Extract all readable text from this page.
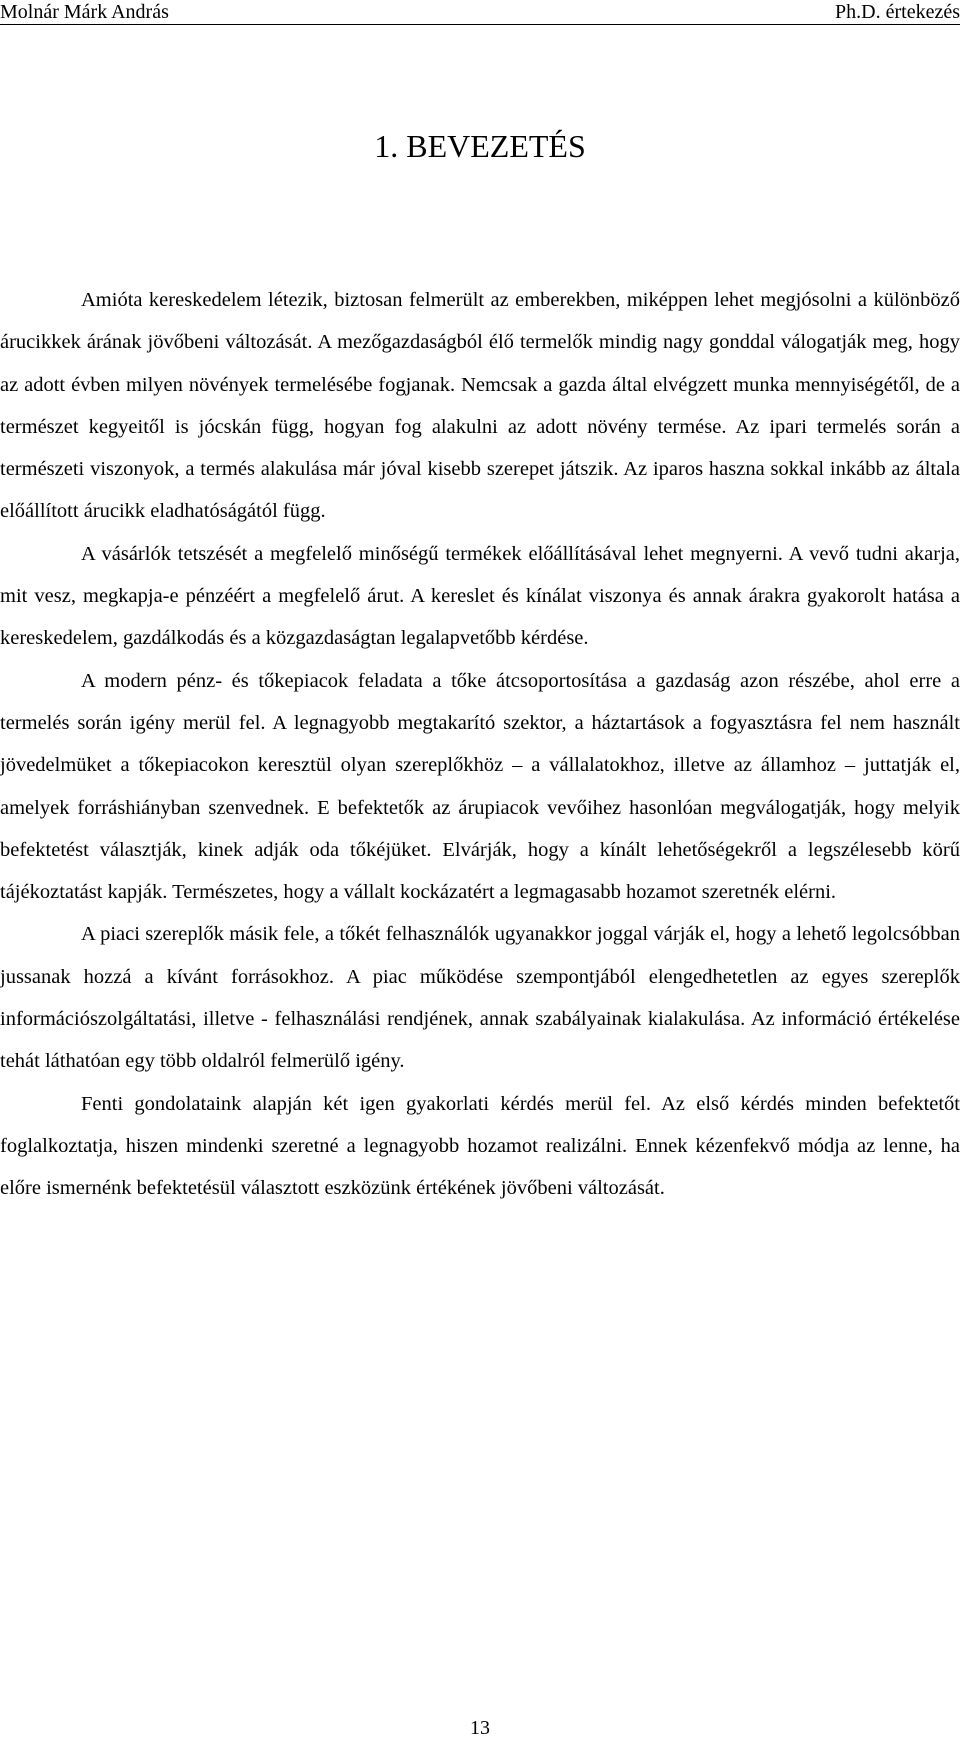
Molnár Márk András	Ph.D. értekezés
1. BEVEZETÉS

Amióta kereskedelem létezik, biztosan felmerült az emberekben, miképpen lehet megjósolni a különböző árucikkek árának jövőbeni változását. A mezőgazdaságból élő termelők mindig nagy gonddal válogatják meg, hogy az adott évben milyen növények termelésébe fogjanak. Nemcsak a gazda által elvégzett munka mennyiségétől, de a természet kegyeitől is jócskán függ, hogyan fog alakulni az adott növény termése. Az ipari termelés során a természeti viszonyok, a termés alakulása már jóval kisebb szerepet játszik. Az iparos haszna sokkal inkább az általa előállított árucikk eladhatóságától függ.

A vásárlók tetszését a megfelelő minőségű termékek előállításával lehet megnyerni. A vevő tudni akarja, mit vesz, megkapja-e pénzéért a megfelelő árut. A kereslet és kínálat viszonya és annak árakra gyakorolt hatása a kereskedelem, gazdálkodás és a közgazdaságtan legalapvetőbb kérdése.

A modern pénz- és tőkepiacok feladata a tőke átcsoportosítása a gazdaság azon részébe, ahol erre a termelés során igény merül fel. A legnagyobb megtakarító szektor, a háztartások a fogyasztásra fel nem használt jövedelmüket a tőkepiacokon keresztül olyan szereplőkhöz – a vállalatokhoz, illetve az államhoz – juttatják el, amelyek forráshiányban szenvednek. E befektetők az árupiacok vevőihez hasonlóan megválogatják, hogy melyik befektetést választják, kinek adják oda tőkéjüket. Elvárják, hogy a kínált lehetőségekről a legszélesebb körű tájékoztatást kapják. Természetes, hogy a vállalt kockázatért a legmagasabb hozamot szeretnék elérni.

A piaci szereplők másik fele, a tőkét felhasználók ugyanakkor joggal várják el, hogy a lehető legolcsóbban jussanak hozzá a kívánt forrásokhoz. A piac működése szempontjából elengedhetetlen az egyes szereplők információszolgáltatási, illetve - felhasználási rendjének, annak szabályainak kialakulása. Az információ értékelése tehát láthatóan egy több oldalról felmerülő igény.

Fenti gondolataink alapján két igen gyakorlati kérdés merül fel. Az első kérdés minden befektetőt foglalkoztatja, hiszen mindenki szeretné a legnagyobb hozamot realizálni. Ennek kézenfekvő módja az lenne, ha előre ismernénk befektetésül választott eszközünk értékének jövőbeni változását.

13
